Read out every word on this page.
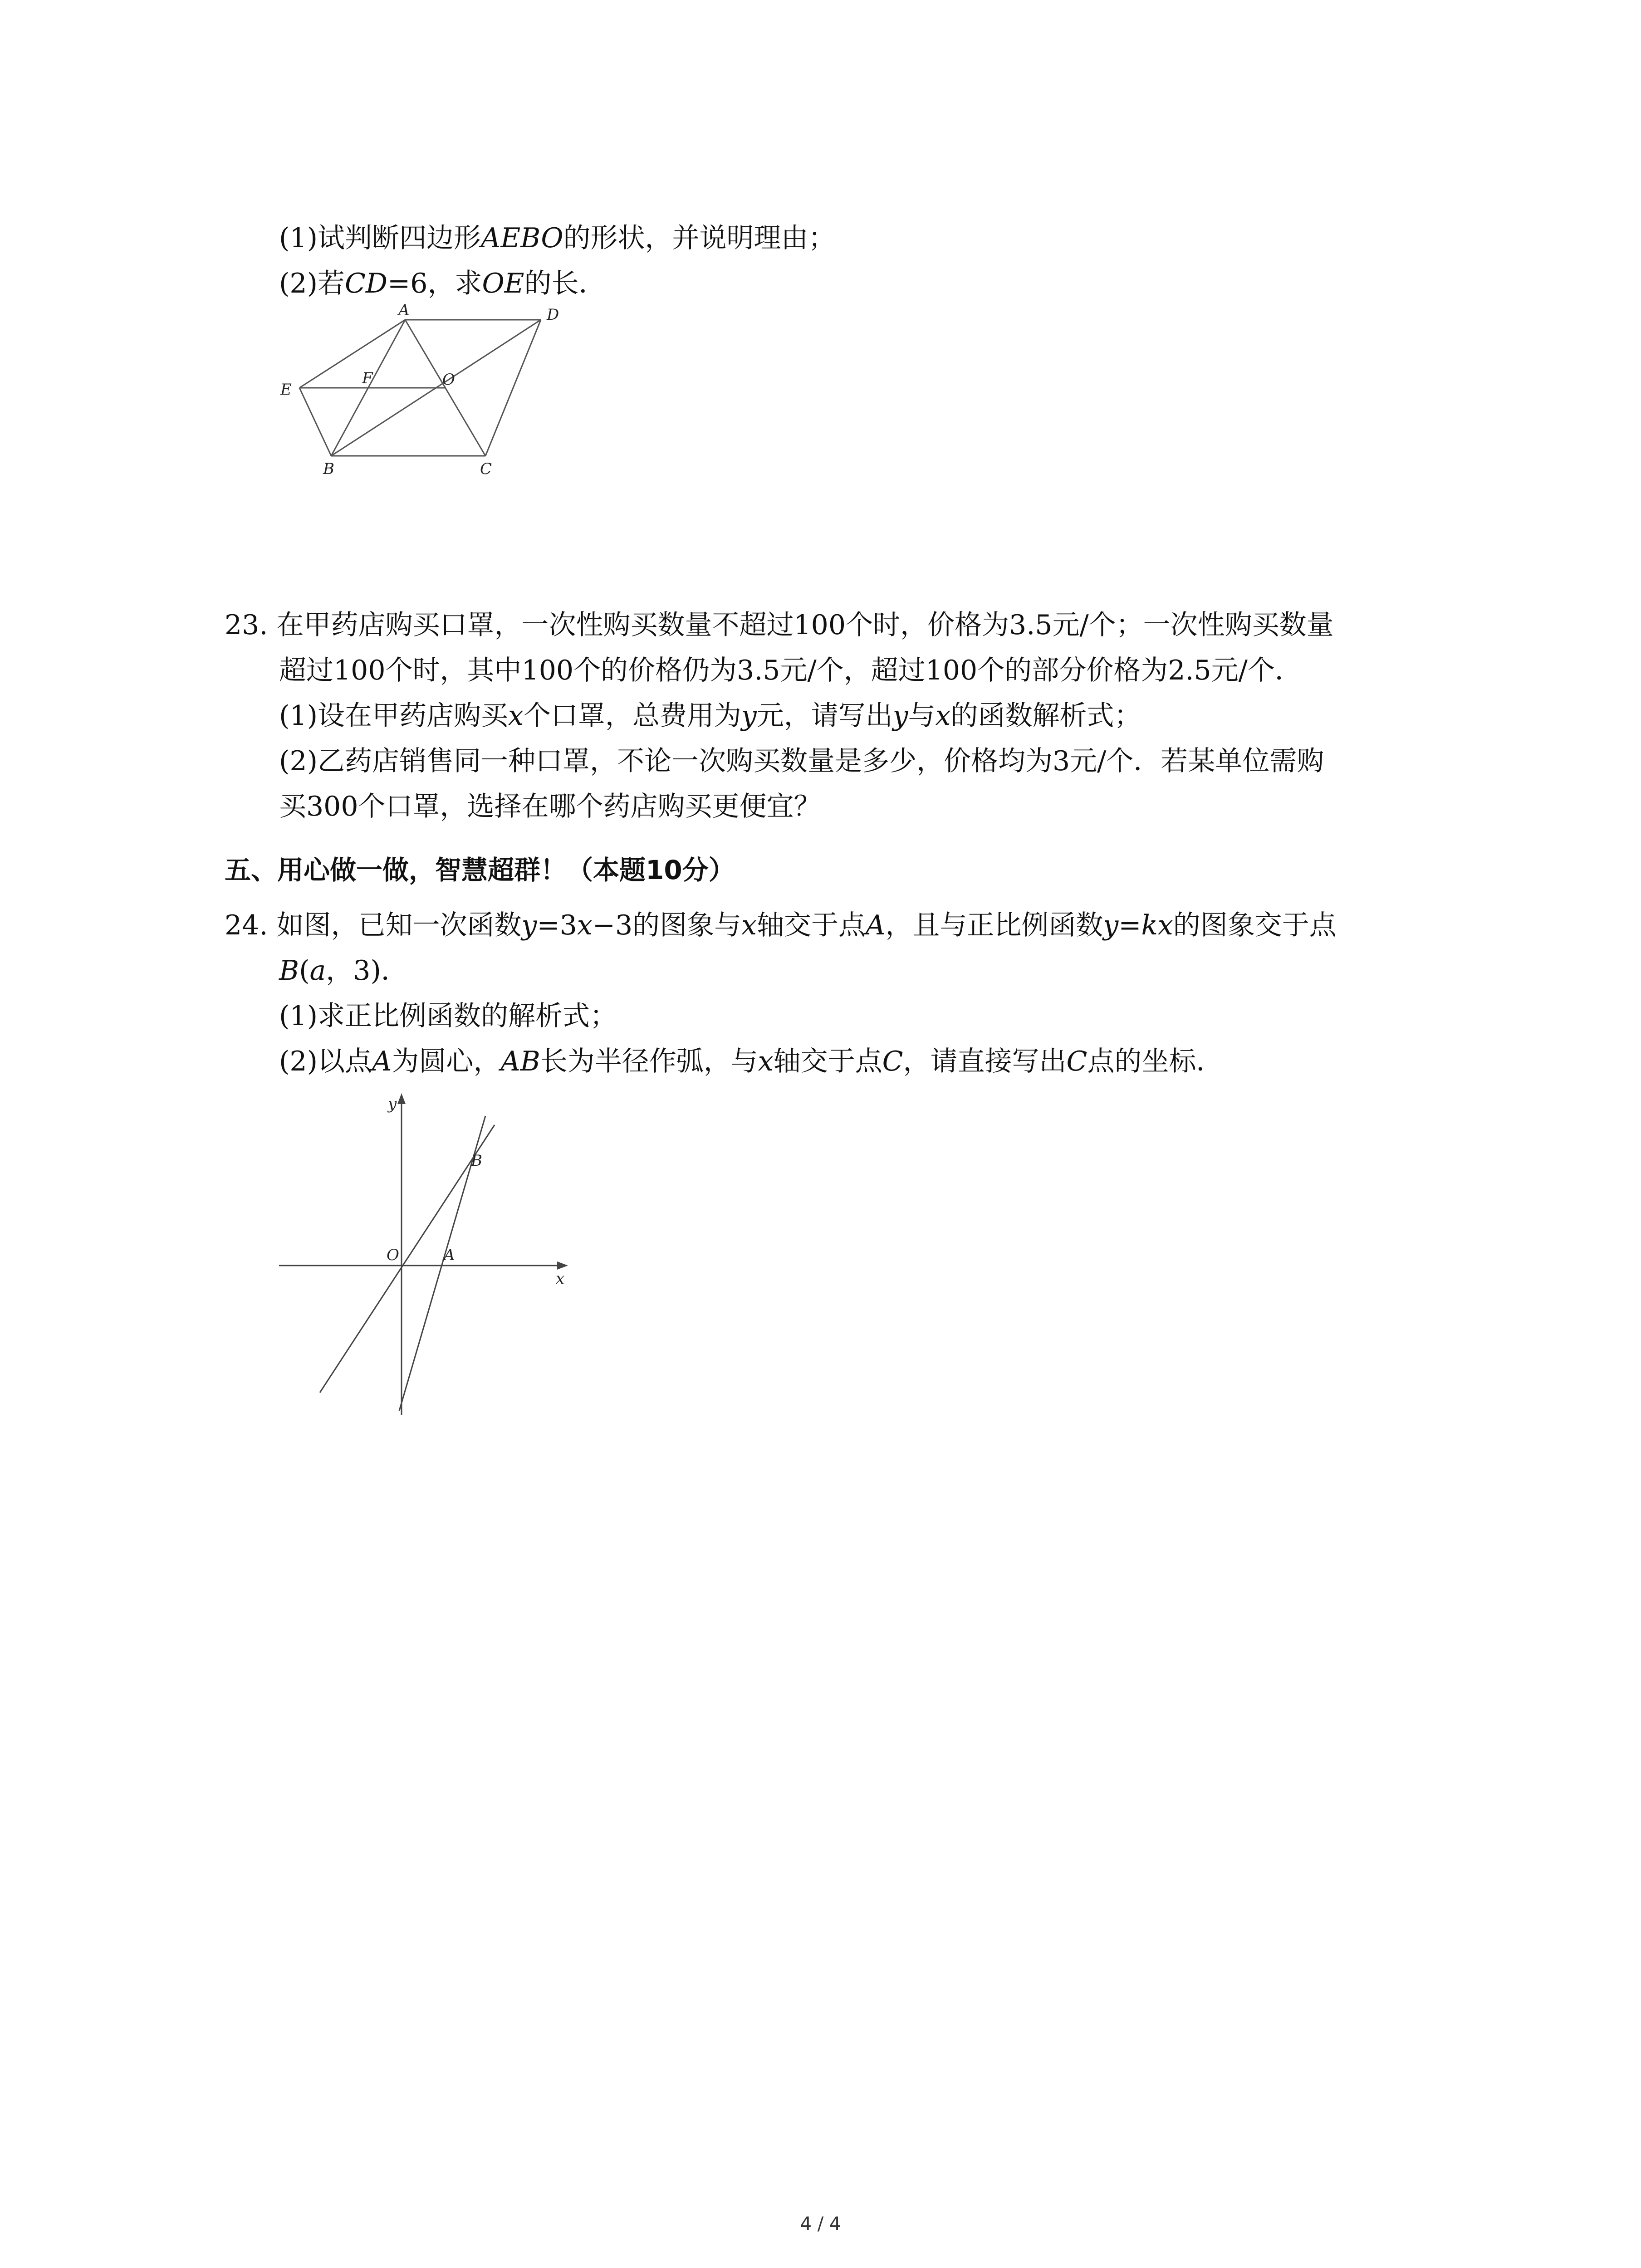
(1)试判断四边形AEBO的形状，并说明理由；
(2)若CD=6，求OE的长．
A	D
E
F	O
B	C
23. 在甲药店购买口罩，一次性购买数量不超过100个时，价格为3.5元/个；一次性购买数量
超过100个时，其中100个的价格仍为3.5元/个，超过100个的部分价格为2.5元/个．
(1)设在甲药店购买x个口罩，总费用为y元，请写出y与x的函数解析式；
(2)乙药店销售同一种口罩，不论一次购买数量是多少，价格均为3元/个．若某单位需购
买300个口罩，选择在哪个药店购买更便宜？
五、用心做一做，智慧超群！（本题10分）
24. 如图，已知一次函数y=3x−3的图象与x轴交于点A，且与正比例函数y=kx的图象交于点
B(a，3)．
(1)求正比例函数的解析式；
(2)以点A为圆心，AB长为半径作弧，与x轴交于点C，请直接写出C点的坐标．
y
x
O	A
B
4 / 4
